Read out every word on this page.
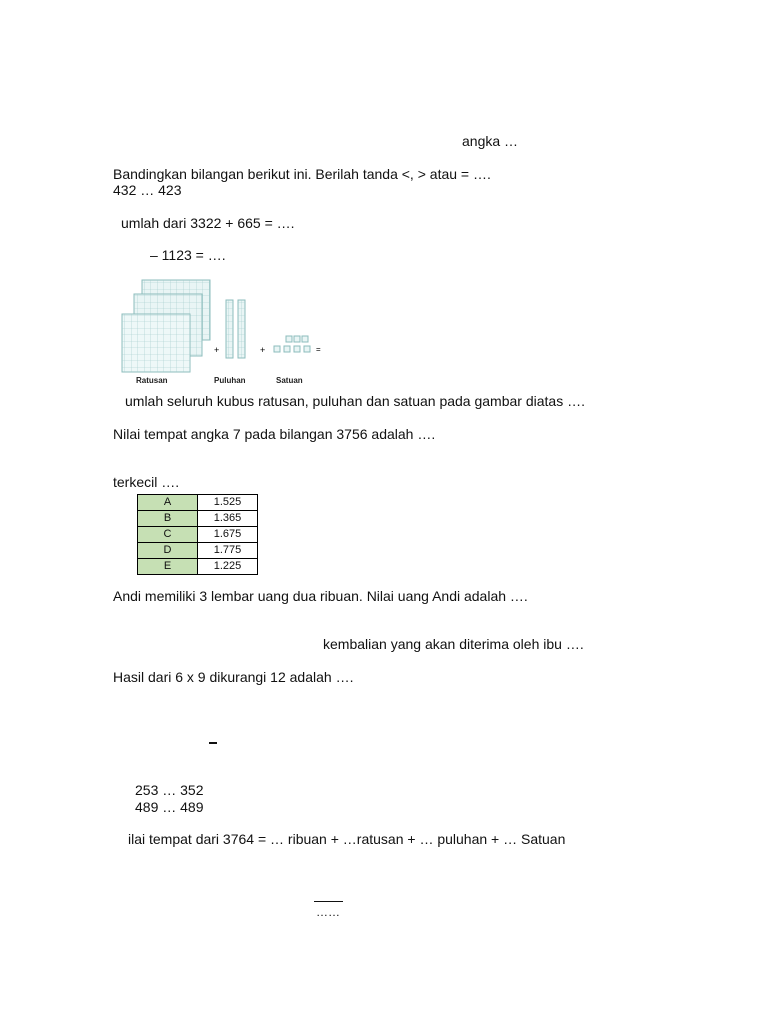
angka …
Bandingkan bilangan berikut ini. Berilah tanda <, > atau = ….
432 … 423
umlah dari 3322 + 665 = ….
– 1123 = ….
+	+	=
Ratusan	Puluhan	Satuan
umlah seluruh kubus ratusan, puluhan dan satuan pada gambar diatas ….
Nilai tempat angka 7 pada bilangan 3756 adalah ….
terkecil ….
A	1.525
B	1.365
C	1.675
D	1.775
E	1.225
Andi memiliki 3 lembar uang dua ribuan. Nilai uang Andi adalah ….
kembalian yang akan diterima oleh ibu ….
Hasil dari 6 x 9 dikurangi 12 adalah ….
253 … 352
489 … 489
ilai tempat dari 3764 = … ribuan + …ratusan + … puluhan + … Satuan
……
